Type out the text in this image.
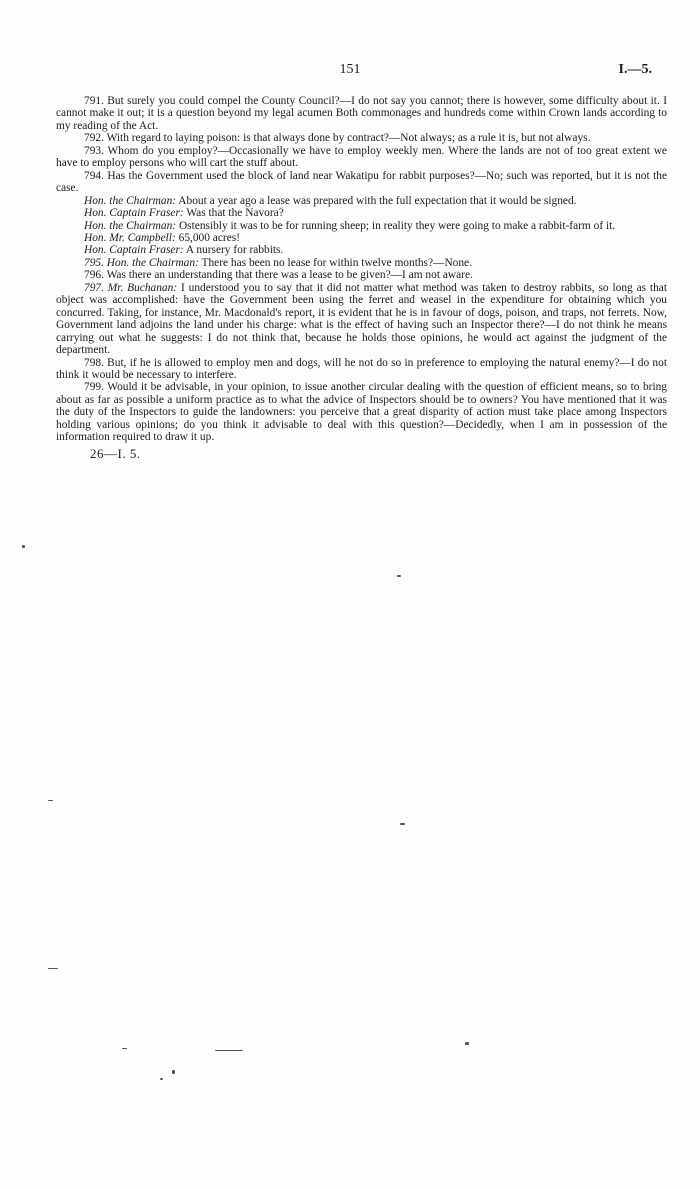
151	I.—5.

791. But surely you could compel the County Council?—I do not say you cannot; there is however, some difficulty about it. I cannot make it out; it is a question beyond my legal acumen Both commonages and hundreds come within Crown lands according to my reading of the Act.

792. With regard to laying poison: is that always done by contract?—Not always; as a rule it is, but not always.

793. Whom do you employ?—Occasionally we have to employ weekly men. Where the lands are not of too great extent we have to employ persons who will cart the stuff about.

794. Has the Government used the block of land near Wakatipu for rabbit purposes?—No; such was reported, but it is not the case.

Hon. the Chairman: About a year ago a lease was prepared with the full expectation that it would be signed.

Hon. Captain Fraser: Was that the Navora?

Hon. the Chairman: Ostensibly it was to be for running sheep; in reality they were going to make a rabbit-farm of it.

Hon. Mr. Campbell: 65,000 acres!

Hon. Captain Fraser: A nursery for rabbits.

795. Hon. the Chairman: There has been no lease for within twelve months?—None.

796. Was there an understanding that there was a lease to be given?—I am not aware.

797. Mr. Buchanan: I understood you to say that it did not matter what method was taken to destroy rabbits, so long as that object was accomplished: have the Government been using the ferret and weasel in the expenditure for obtaining which you concurred. Taking, for instance, Mr. Macdonald's report, it is evident that he is in favour of dogs, poison, and traps, not ferrets. Now, Government land adjoins the land under his charge: what is the effect of having such an Inspector there?—I do not think he means carrying out what he suggests: I do not think that, because he holds those opinions, he would act against the judgment of the department.

798. But, if he is allowed to employ men and dogs, will he not do so in preference to employing the natural enemy?—I do not think it would be necessary to interfere.

799. Would it be advisable, in your opinion, to issue another circular dealing with the question of efficient means, so to bring about as far as possible a uniform practice as to what the advice of Inspectors should be to owners? You have mentioned that it was the duty of the Inspectors to guide the landowners: you perceive that a great disparity of action must take place among Inspectors holding various opinions; do you think it advisable to deal with this question?—Decidedly, when I am in possession of the information required to draw it up.

26—I. 5.
